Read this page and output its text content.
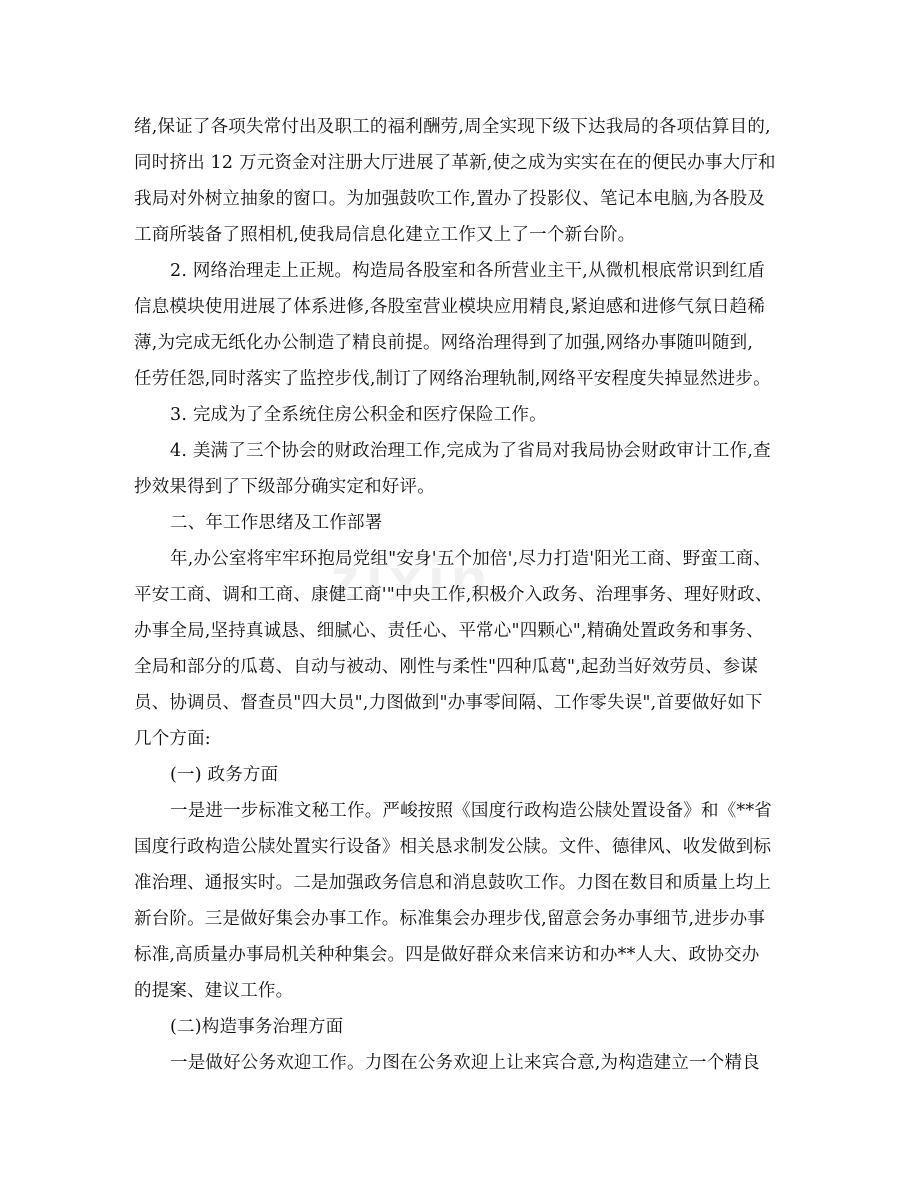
zixin
绪,保证了各项失常付出及职工的福利酬劳,周全实现下级下达我局的各项估算目的,
同时挤出 12 万元资金对注册大厅进展了革新,使之成为实实在在的便民办事大厅和
我局对外树立抽象的窗口。为加强鼓吹工作,置办了投影仪、笔记本电脑,为各股及
工商所装备了照相机,使我局信息化建立工作又上了一个新台阶。
2. 网络治理走上正规。构造局各股室和各所营业主干,从微机根底常识到红盾
信息模块使用进展了体系进修,各股室营业模块应用精良,紧迫感和进修气氛日趋稀
薄,为完成无纸化办公制造了精良前提。网络治理得到了加强,网络办事随叫随到,
任劳任怨,同时落实了监控步伐,制订了网络治理轨制,网络平安程度失掉显然进步。
3. 完成为了全系统住房公积金和医疗保险工作。
4. 美满了三个协会的财政治理工作,完成为了省局对我局协会财政审计工作,查
抄效果得到了下级部分确实定和好评。
二、年工作思绪及工作部署
年,办公室将牢牢环抱局党组"安身'五个加倍',尽力打造'阳光工商、野蛮工商、
平安工商、调和工商、康健工商'"中央工作,积极介入政务、治理事务、理好财政、
办事全局,坚持真诚恳、细腻心、责任心、平常心"四颗心",精确处置政务和事务、
全局和部分的瓜葛、自动与被动、刚性与柔性"四种瓜葛",起劲当好效劳员、参谋
员、协调员、督查员"四大员",力图做到"办事零间隔、工作零失误",首要做好如下
几个方面:
(一) 政务方面
一是进一步标准文秘工作。严峻按照《国度行政构造公牍处置设备》和《**省
国度行政构造公牍处置实行设备》相关恳求制发公牍。文件、德律风、收发做到标
准治理、通报实时。二是加强政务信息和消息鼓吹工作。力图在数目和质量上均上
新台阶。三是做好集会办事工作。标准集会办理步伐,留意会务办事细节,进步办事
标准,高质量办事局机关种种集会。四是做好群众来信来访和办**人大、政协交办
的提案、建议工作。
(二)构造事务治理方面
一是做好公务欢迎工作。力图在公务欢迎上让来宾合意,为构造建立一个精良
